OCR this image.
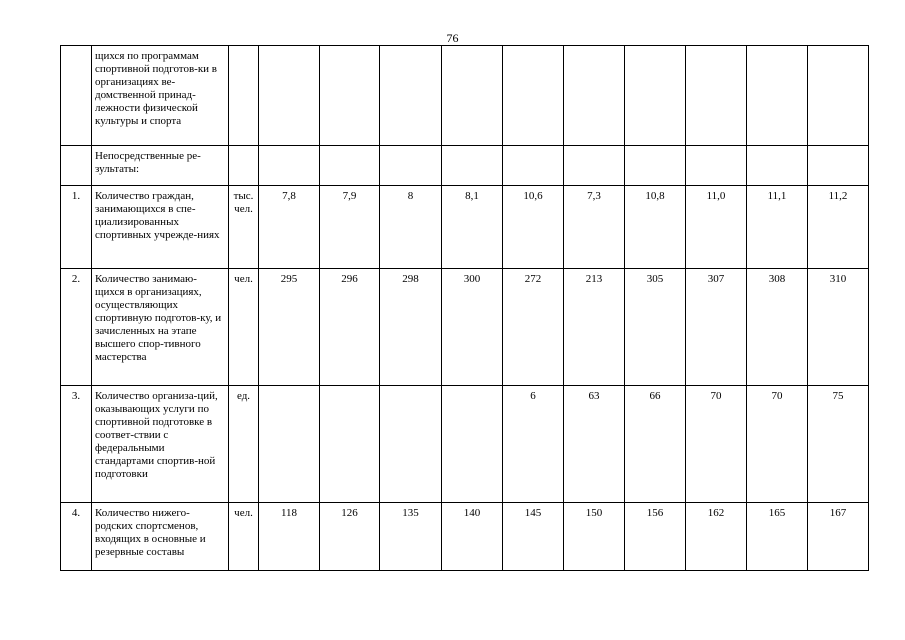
76
	щихся по программам спортивной подготов-ки в организациях ве-домственной принад-лежности физической культуры и спорта											
	Непосредственные ре-зультаты:											
1.	Количество граждан, занимающихся в спе-циализированных спортивных учрежде-ниях	тыс. чел.	7,8	7,9	8	8,1	10,6	7,3	10,8	11,0	11,1	11,2
2.	Количество занимаю-щихся в организациях, осуществляющих спортивную подготов-ку, и зачисленных на этапе высшего спор-тивного мастерства	чел.	295	296	298	300	272	213	305	307	308	310
3.	Количество организа-ций, оказывающих услуги по спортивной подготовке в соответ-ствии с федеральными стандартами спортив-ной подготовки	ед.					6	63	66	70	70	75
4.	Количество нижего-родских спортсменов, входящих в основные и резервные составы	чел.	118	126	135	140	145	150	156	162	165	167
